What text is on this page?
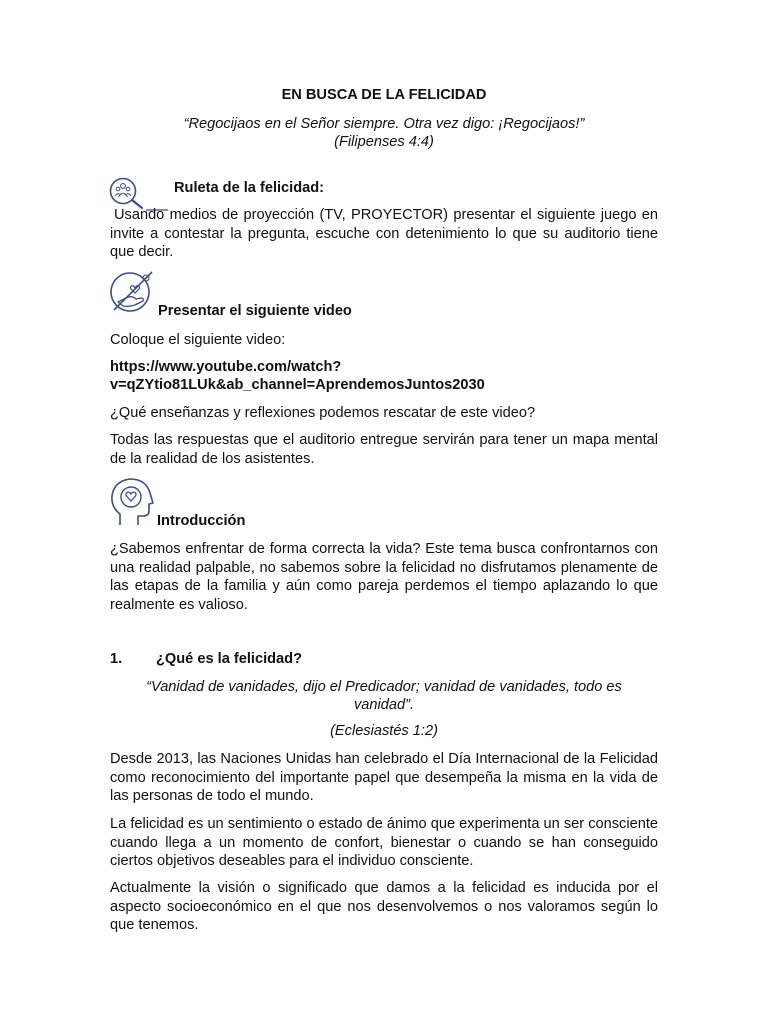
EN BUSCA DE LA FELICIDAD
“Regocijaos en el Señor siempre. Otra vez digo: ¡Regocijaos!”
(Filipenses 4:4)
Ruleta de la felicidad:
Usando medios de proyección (TV, PROYECTOR) presentar el siguiente juego en invite a contestar la pregunta, escuche con detenimiento lo que su auditorio tiene que decir.
Presentar el siguiente video
Coloque el siguiente video:
https://www.youtube.com/watch?
v=qZYtio81LUk&ab_channel=AprendemosJuntos2030
¿Qué enseñanzas y reflexiones podemos rescatar de este video?
Todas las respuestas que el auditorio entregue servirán para tener un mapa mental de la realidad de los asistentes.
Introducción
¿Sabemos enfrentar de forma correcta la vida? Este tema busca confrontarnos con una realidad palpable, no sabemos sobre la felicidad no disfrutamos plenamente de las etapas de la familia y aún como pareja perdemos el tiempo aplazando lo que realmente es valioso.
1. ¿Qué es la felicidad?
“Vanidad de vanidades, dijo el Predicador; vanidad de vanidades, todo es
vanidad”.
(Eclesiastés 1:2)
Desde 2013, las Naciones Unidas han celebrado el Día Internacional de la Felicidad como reconocimiento del importante papel que desempeña la misma en la vida de las personas de todo el mundo.
La felicidad es un sentimiento o estado de ánimo que experimenta un ser consciente cuando llega a un momento de confort, bienestar o cuando se han conseguido ciertos objetivos deseables para el individuo consciente.
Actualmente la visión o significado que damos a la felicidad es inducida por el aspecto socioeconómico en el que nos desenvolvemos o nos valoramos según lo que tenemos.
